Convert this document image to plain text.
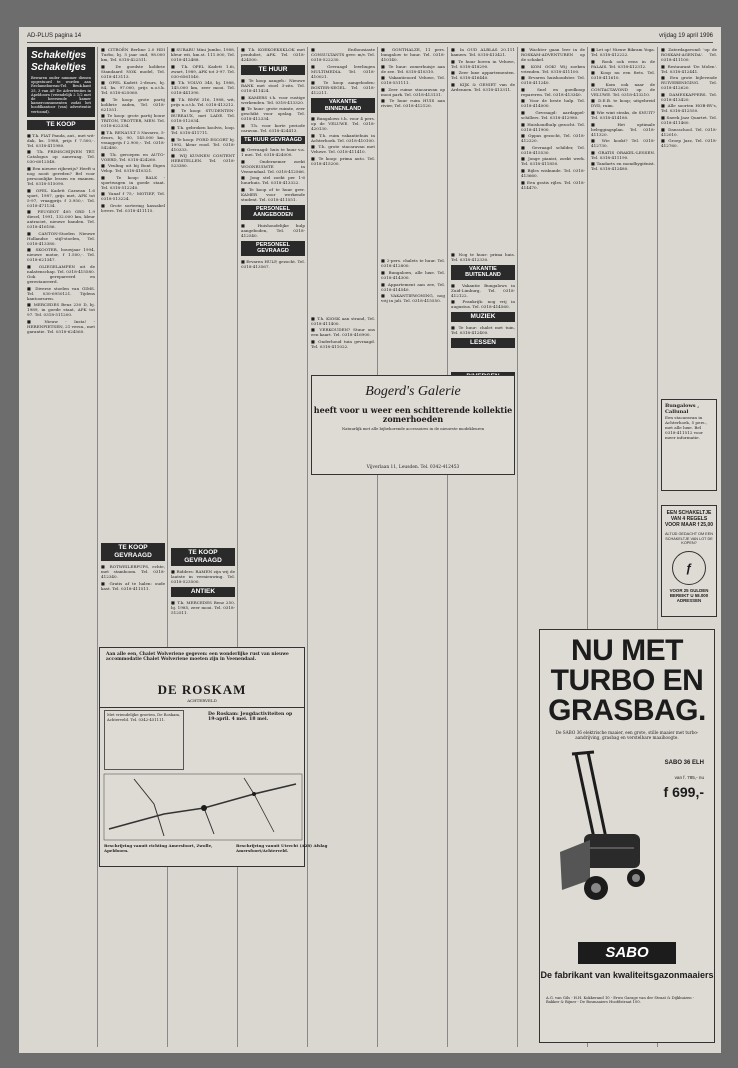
AD-PLUS pagina 14	vrijdag 19 april 1996
Schakeltjes Schakeltjes
Bewaren onder nummer dienen opgestuurd te worden aan Reclamebureau-Tel. Beuk.kant 25, 3 van AP. De Advertenties in Apeldoorn (vriendelijk 2 1/2 met de heersende kamer kamerconsumenten zodat het hoofdkantoor (van) advertentie vertoond).
TE KOOP

■ T.k. FIAT Panda, aut., met wit-dak, ks. 1988, prijs f 7.500,-. Tel. 0318-411980.

■ T.k. PRIMSCHIJNEN TRT. Catalogus op aanvraag. Tel. 030-6012548.

■ Een nieuwe rijbewijs? Heeft u nog nooit gereden? Bel voor persoonlijke lessen en examen. Tel. 0318-515090.

■ OPEL Kadett Caravan 1.6 sport, 1987, grijs met, APK tot 5-97, vraagprijs f 3.950,-. Tel. 0318-471134.

■ PEUGEOT 405 GRD 1.9 diesel, 1991, 132.000 km, kleur antraciet, nieuwe banden. Tel. 0318-416186.

■ CANTON-Stoelen Nieuwe Hollandse stijl-stoelen, Tel. 0318-413380.

■ SKOOTER, bouwjaar 1994, nieuwe motor, f 1.500,-. Tel. 0318-621347.

■ OLIEGELAMPEN uit de nalatenschap. Tel. 0318-415580. Ook gerepareerd en gerestaureerd.

■ Diverse stoelen van GIMS. Tel. 030-6950121. Tijdens kantooruren.

■ MERCEDES Benz 230 D, bj. 1989, in goede staat, APK tot 97. Tel. 0318-511200.

■ Nieuw - Insta! - HERENFIETSEN, 21 versn., met garantie. Tel. 0318-624560.

■ CITROËN Berline 2.0 HDI Turbo, bj. 5 jaar oud, 98.000 km, Tel. 0318-422511.

■ De goedste kolibrie Standaard NOK model, Tel. 0318-413113.

■ OPEL Kadett 2-deurs, bj. 84, ks. 97.000, prijs n.o.t.k. Tel. 0318-625060.

■ Te koop: grote partij kolibrie zaden, Tel. 0318-621551.

■ Te koop: grote partij bouw TRITON, TROTTER, MEN. Tel. 0318-622334.

■ T.k. RENAULT 5 Navarro, 5-deurs, bj. 90, 145.000 km, vraagprijs f 2.900,-. Tel. 0318-542480.

■ T.k. geroepen en AUTO-VOERD, Tel. 0318-424260.

■ Veuling uit bij Bont Eigen Velop. Tel. 0318-410321.

■ Te koop: BALK - sportwagen in goede staat. Tel. 0318-512240.

■ Vanaf f 75,- MOTIEF, Tel. 0318-513224.

■ Grote sortering kassabel lovers. Tel. 0318-411115.

TE KOOP GEVRAAGD

■ ROTWEILERPUPS, echte, met stamboom. Tel. 0318-412340.

■ Gratis af te halen: oude kast. Tel. 0318-411511.

■ SUBARU Mini Jumbo, 1988, kleur wit, km.st. 111.000, Tel. 0318-412488.

■ T.k. OPEL Kadett 1.6i, zwart, 1989, APK tot 3-97. Tel. 030-6561540.

■ T.k. VOLVO 340, bj. 1988, 145.000 km, zeer mooi. Tel. 0318-441390.

■ T.k. BMW 316, 1988, wit, prijs n.o.t.k. Tel. 0318-413212.

■ Te koop: STUDENTEN-BUREAUX, met LADE. Tel. 0318-512034.

■ T.k. gebroken koolvis, loop. Tel. 0318-411711.

■ Te koop: FORD ESCORT bj. 1992, kleur rood. Tel. 0318-410333.

■ WIJ KUNNEN CONTENT HERSTELLEN. Tel. 0318-523380.

TE KOOP GEVRAAGD

■ Ridders: RAMEN zijn wij de laatste in vernieuwing. Tel. 0318-523500.

ANTIEK

■ T.k. MERCEDES Benz 250, bj. 1985, zeer mooi. Tel. 0318-512511.

■ T.k. KOEKOEKSKLOK met penduliet, APK. Tel. 0318-424500.

TE HUUR

■ Te koop aangeb.: Nieuwe BANK met stoel 3-zits. Tel. 0318-411424.

■ KAMERS t.h. voor rustige werkenden. Tel. 0318-413320.

■ Te huur: grote ruimte, zeer geschikt voor opslag. Tel. 0318-412334.

■ T.h. voor korte periode caravan. Tel. 0318-424413.

TE HUUR GEVRAAGD

■ Gevraagd: huis te huur v.a. 1 mei. Tel. 0318-424000.

■ Ondernemer zoekt WOONRUIMTE in Veenendaal. Tel. 0318-412566.

■ Jong stel zoekt per 1-6 huurhuis. Tel. 0318-413322.

■ Te koop of te huur gevr. KAMER voor werkende student. Tel. 0318-411551.

PERSONEEL AANGEBODEN

■ Huishoudelijke hulp aangeboden, Tel. 0318-412540.

PERSONEEL GEVRAAGD

■ Ervaren HULP, gezocht. Tel. 0318-413567.

■ Enthousiaste CONSULTANTS gevr. m/v. Tel. 0318-522230.

■ Gevraagd leerlingen MULTIMEDIA. Tel. 0318-410021.

■ Te koop aangeboden: BOXTER-SEGEL. Tel. 0318-412211.

VAKANTIE BINNENLAND

■ Bungalows t.h. voor 4 pers. op de VELUWE. Tel. 0318-420130.

■ T.h. ruim vakantiehuis in Achterhoek. Tel. 0318-410100.

■ T.h. grote stacaravan met Veluwe. Tel. 0318-411410.

■ Te koop: prima auto. Tel. 0318-415200.

■ T.h. KIOSK aan strand, Tel. 0318-411400.

■ VERKOUDEN? Stuur ons een kaart. Tel. 0318-416900.

■ Onderhoud tuin gevraagd. Tel. 0318-411022.

■ GONTHALZE, 11 pers. bungalow te huur. Tel. 0318-410140.

■ Te huur: zomerhuisje aan de zee. Tel. 0318-410310.

■ Vakantieoord Veluwe, Tel. 0318-551111.

■ Zeer ruime stacaravan op mooi park. Tel. 0318-413131.

■ Te huur ruim HUIS aan rivier, Tel. 0318-412120.

■ 2-pers. chalets te huur. Tel. 0318-412800.

■ Bungalows, alle luxe. Tel. 0318-414300.

■ Appartement aan zee, Tel. 0318-414540.

■ VAKANTIEWONING, nog vrij in juli. Tel. 0318-415550.

■ In OUD ALBLAS 20.111 kamers. Tel. 0318-413421.

■ Te huur boven in Veluwe, Tel. 0318-418290.

■ Zeer luxe appartementen. Tel. 0318-416440.

■ KIJK & GENIET van de Ardennen. Tel. 0318-413311.

■ Nog te huur: prima huis. Tel. 0318-412330.

VAKANTIE BUITENLAND

■ Vakantie Bungalows in Zuid-Limburg, Tel. 0318-412122.

■ Frankrijk: nog vrij in augustus. Tel. 0318-414560.

MUZIEK

■ Te huur: chalet met tuin, Tel. 0318-412400.

LESSEN

■ Wachter gaan leer in de ROSKAM-ADVENTUREN op de schakel.

■ KOM OOK! Wij zoeken vrienden. Tel. 0318-411100.

■ Ervaren huishoudster. Tel. 0318-411240.

■ Snel en goedkoop repareren. Tel. 0318-413340.

■ Voor de beste hulp. Tel. 0318-414000.

■ Gevraagd: aardappel-schillers. Tel. 0318-412980.

■ Huishoudhulp gezocht. Tel. 0318-411900.

■ Oppas gezocht, Tel. 0318-412220.

■ Gevraagd schilder, Tel. 0318-415530.

■ Jonge pianist, zoekt werk. Tel. 0318-411850.

■ Bijles wiskunde. Tel. 0318-413660.

■ Een gratis rijles. Tel. 0318-414470.

■ Let op! Nieuw Bikram Yoga. Tel. 0318-412222.

■ Rook ook eens in de PALAIS. Tel. 0318-412312.

■ Koop nu een fiets. Tel. 0318-411610.

■ Kom ook naar de CONTACTAVOND op de VELUWE. Tel. 0318-413210.

■ D.E.B. te koop; uitgebreid DVD, ruim.

■ Wie wint straks, de SNUIT? Tel. 0318-414180.

■ Het optimale beleggingsplan. Tel. 0318-411320.

■ Wie kookt? Tel. 0318-412730.

■ GRATIS ORAKEL-LESSEN. Tel. 0318-411190.

■ Tandarts en mondhygiënist. Tel. 0318-412480.

■ Zaterdagavond: 'op de ROSKAM-AGENDA'. Tel. 0318-411100.

■ Restaurant 'De Molen'. Tel. 0318-412441.

■ Een grote bijlevende RUIVERENIGING. Tel. 0318-412620.

■ DAMESKAPPERS. Tel. 0318-413420.

■ Alle soorten HOB-BY's, Tel. 0318-412550.

■ Sneek Jazz Quartet. Tel. 0318-411460.

■ Dansschool. Tel. 0318-412010.

■ Groep Jazz, Tel. 0318-412760.

Bungalows , Callunal
Een stacaravan in Achterhoek, 5 pers., met alle luxe. Bel 0318-411512 voor meer informatie.
EEN SCHAKELTJE VAN 4 REGELS VOOR MAAR f 25,00
ALTIJD GEDACHT OM EEN SCHAKELTJE VAN LOT DE KOPEN?
ƒ
VOOR 25 GULDEN BEREIKT U 58.000 ADRESSEN
Aan alle een, Chalet Wolveriene gegeven: een wonderlijke rust van nieuwe accommodatie Chalet Wolveriene moeten zijn in Veenendaal.
DE ROSKAM
ACHTERVELD
Met vriendelijke groeten, De Roskam, Achterveld. Tel. 0342-451111.
De Roskam: Jeugdactiviteiten op 19-april. 4 mei. 18 mei.
Beschrijving vanuit richting Amersfoort, Zwolle, Apeldoorn.
Beschrijving vanuit Utrecht (A28) Afslag Amersfoort/Achterveld.
Bogerd's Galerie
heeft voor u weer een schitterende kollektie zomerhoeden
Natuurlijk met alle bijbehorende accessoires in de nieuwste modekleuren
Vijverlaan 11, Leusden. Tel. 0342-412453
NU MET TURBO EN GRASBAG.
De SABO 36 elektrische maaier, een grote, stille maaier met turbo-aandrijving, grasbag en verstelbare maaihoogte.
SABO 36 ELH
van f. 785,- nu
f 699,-
SABO
De fabrikant van kwaliteitsgazonmaaiers
A.G. van Gils - H.H. Kokkerand 10 - Erwo Garage van der Straat & Dijkhuizen - Bakker & Bijner - De Bosmaaiers Hoofdstraat 100.
